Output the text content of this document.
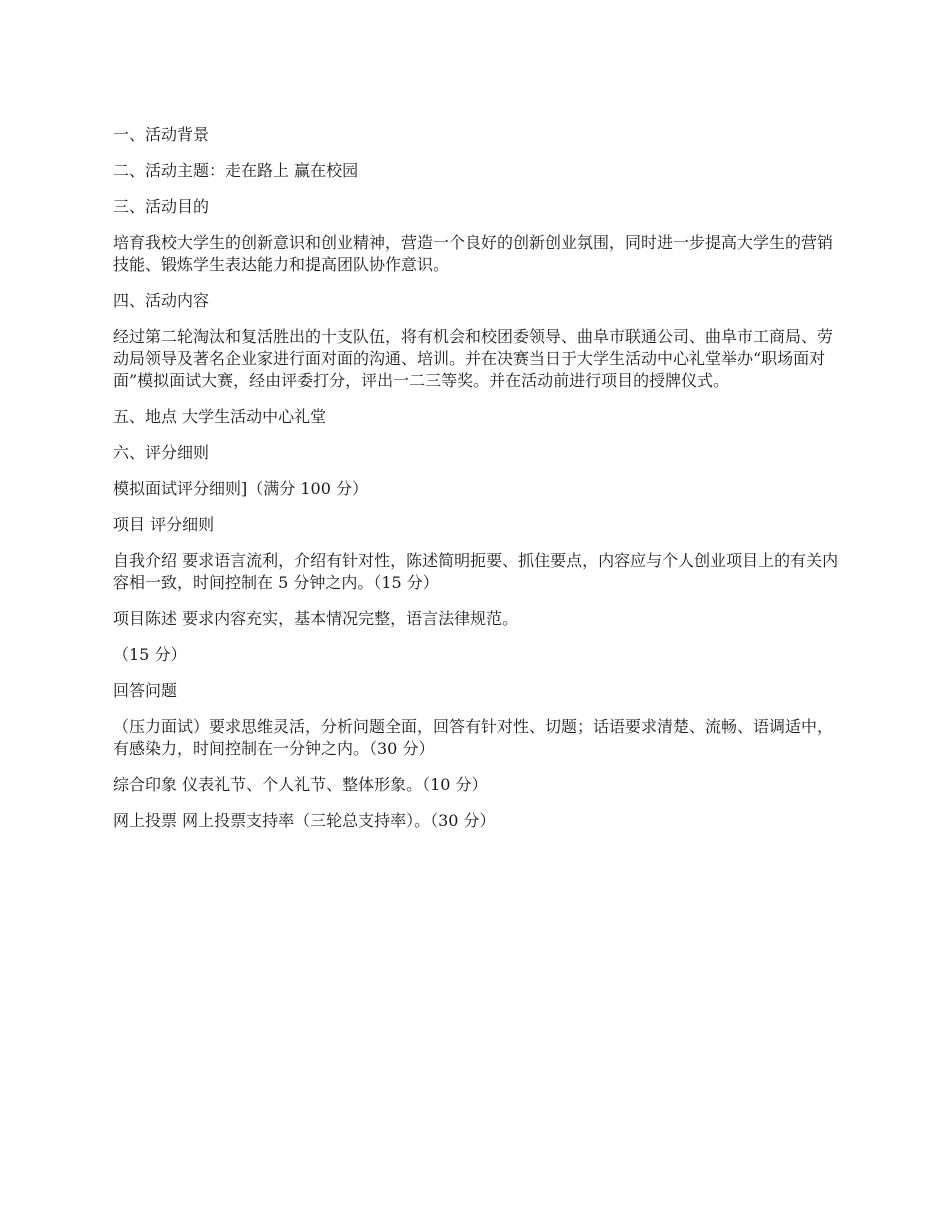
一、活动背景

二、活动主题：走在路上 赢在校园

三、活动目的

培育我校大学生的创新意识和创业精神，营造一个良好的创新创业氛围，同时进一步提高大学生的营销技能、锻炼学生表达能力和提高团队协作意识。

四、活动内容

经过第二轮淘汰和复活胜出的十支队伍，将有机会和校团委领导、曲阜市联通公司、曲阜市工商局、劳动局领导及著名企业家进行面对面的沟通、培训。并在决赛当日于大学生活动中心礼堂举办“职场面对面”模拟面试大赛，经由评委打分，评出一二三等奖。并在活动前进行项目的授牌仪式。

五、地点 大学生活动中心礼堂

六、评分细则

模拟面试评分细则]（满分 100 分）

项目 评分细则

自我介绍 要求语言流利，介绍有针对性，陈述简明扼要、抓住要点，内容应与个人创业项目上的有关内容相一致，时间控制在 5 分钟之内。（15 分）

项目陈述 要求内容充实，基本情况完整，语言法律规范。

（15 分）

回答问题

（压力面试）要求思维灵活，分析问题全面，回答有针对性、切题；话语要求清楚、流畅、语调适中，有感染力，时间控制在一分钟之内。（30 分）

综合印象 仪表礼节、个人礼节、整体形象。（10 分）

网上投票 网上投票支持率（三轮总支持率）。（30 分）
